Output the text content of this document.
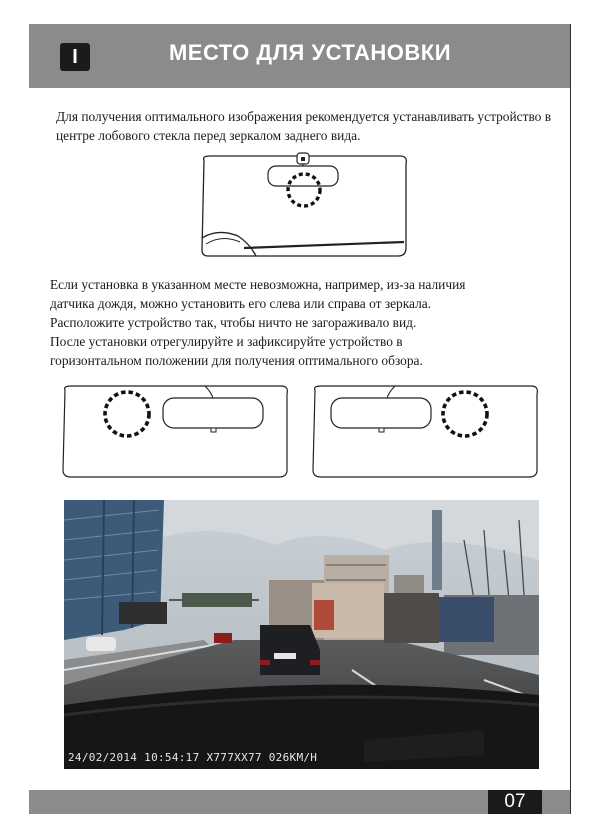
I	МЕСТО ДЛЯ УСТАНОВКИ
Для получения оптимального изображения рекомендуется устанавливать устройство в центре лобового стекла перед зеркалом заднего вида.
Если установка в указанном месте невозможна, например, из-за наличия
датчика дождя, можно установить его слева или справа от зеркала.
Расположите устройство так, чтобы ничто не загораживало вид.
После установки отрегулируйте и зафиксируйте устройство в
горизонтальном положении для получения оптимального обзора.
24/02/2014 10:54:17 X777XX77 026KM/H
07
